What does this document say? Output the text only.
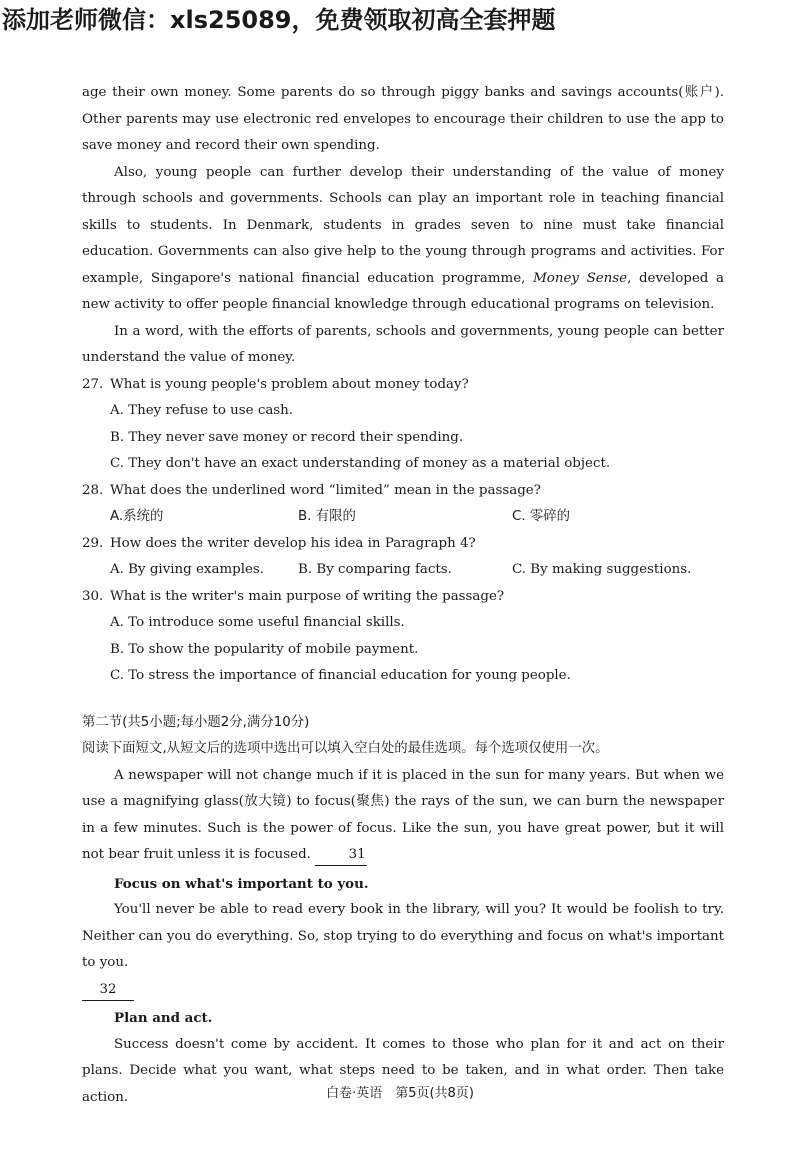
添加老师微信：xls25089，免费领取初高全套押题

age their own money. Some parents do so through piggy banks and savings accounts(账户). Other parents may use electronic red envelopes to encourage their children to use the app to save money and record their own spending.

Also, young people can further develop their understanding of the value of money through schools and governments. Schools can play an important role in teaching financial skills to students. In Denmark, students in grades seven to nine must take financial education. Governments can also give help to the young through programs and activities. For example, Singapore's national financial education programme, Money Sense, developed a new activity to offer people financial knowledge through educational programs on television.

In a word, with the efforts of parents, schools and governments, young people can better understand the value of money.

27. What is young people's problem about money today?
A. They refuse to use cash.
B. They never save money or record their spending.
C. They don't have an exact understanding of money as a material object.
28. What does the underlined word “limited” mean in the passage?
A.系统的	B. 有限的	C. 零碎的
29. How does the writer develop his idea in Paragraph 4?
A. By giving examples.	B. By comparing facts.	C. By making suggestions.
30. What is the writer's main purpose of writing the passage?
A. To introduce some useful financial skills.
B. To show the popularity of mobile payment.
C. To stress the importance of financial education for young people.
第二节(共5小题;每小题2分,满分10分)
阅读下面短文,从短文后的选项中选出可以填入空白处的最佳选项。每个选项仅使用一次。

A newspaper will not change much if it is placed in the sun for many years. But when we use a magnifying glass(放大镜) to focus(聚焦) the rays of the sun, we can burn the newspaper in a few minutes. Such is the power of focus. Like the sun, you have great power, but it will not bear fruit unless it is focused.	31

Focus on what's important to you.

You'll never be able to read every book in the library, will you? It would be foolish to try. Neither can you do everything. So, stop trying to do everything and focus on what's important to you.

32
Plan and act.

Success doesn't come by accident. It comes to those who plan for it and act on their plans. Decide what you want, what steps need to be taken, and in what order. Then take action.	白卷·英语　第5页(共8页)
